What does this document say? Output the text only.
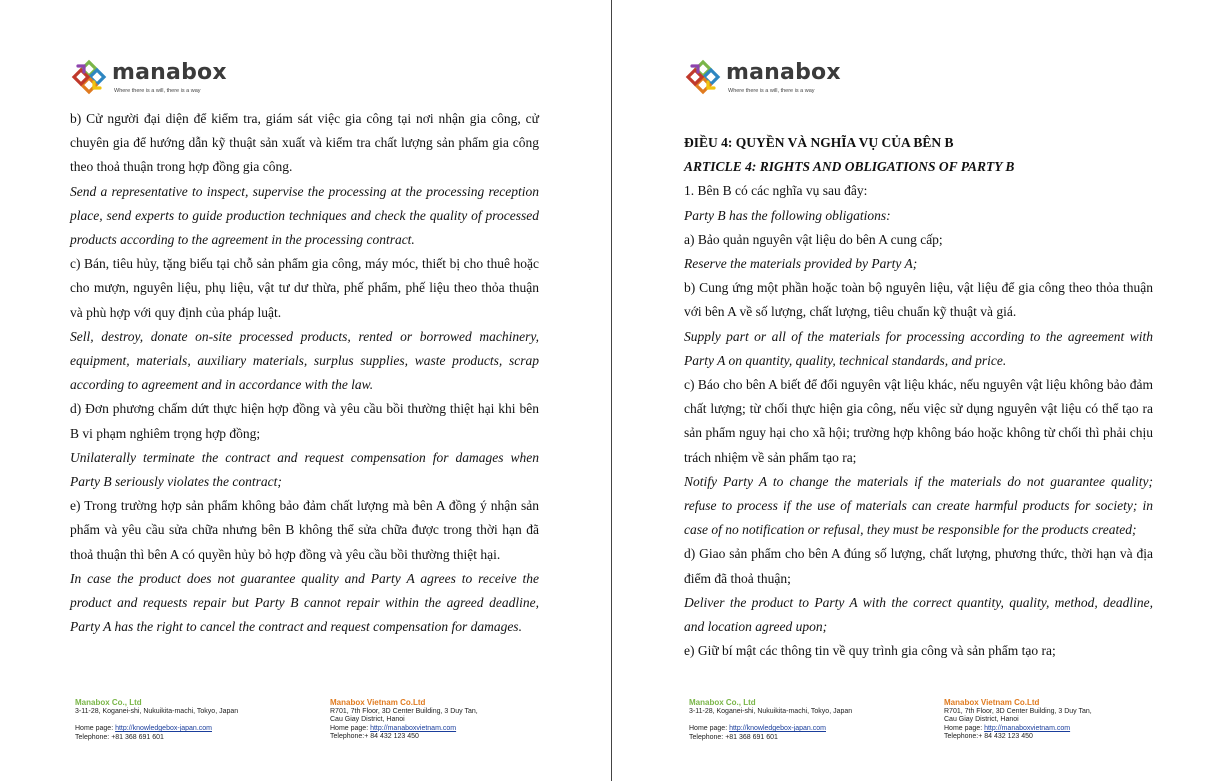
manabox
Where there is a will, there is a way

b) Cử người đại diện để kiểm tra, giám sát việc gia công tại nơi nhận gia công, cử chuyên gia để hướng dẫn kỹ thuật sản xuất và kiểm tra chất lượng sản phẩm gia công theo thoả thuận trong hợp đồng gia công.

Send a representative to inspect, supervise the processing at the processing reception place, send experts to guide production techniques and check the quality of processed products according to the agreement in the processing contract.

c) Bán, tiêu hủy, tặng biếu tại chỗ sản phẩm gia công, máy móc, thiết bị cho thuê hoặc cho mượn, nguyên liệu, phụ liệu, vật tư dư thừa, phế phẩm, phế liệu theo thỏa thuận và phù hợp với quy định của pháp luật.

Sell, destroy, donate on-site processed products, rented or borrowed machinery, equipment, materials, auxiliary materials, surplus supplies, waste products, scrap according to agreement and in accordance with the law.

d) Đơn phương chấm dứt thực hiện hợp đồng và yêu cầu bồi thường thiệt hại khi bên B vi phạm nghiêm trọng hợp đồng;

Unilaterally terminate the contract and request compensation for damages when Party B seriously violates the contract;

e) Trong trường hợp sản phẩm không bảo đảm chất lượng mà bên A đồng ý nhận sản phẩm và yêu cầu sửa chữa nhưng bên B không thể sửa chữa được trong thời hạn đã thoả thuận thì bên A có quyền hủy bỏ hợp đồng và yêu cầu bồi thường thiệt hại.

In case the product does not guarantee quality and Party A agrees to receive the product and requests repair but Party B cannot repair within the agreed deadline, Party A has the right to cancel the contract and request compensation for damages.

Manabox Co., Ltd
3-11-28, Koganei-shi, Nukuikita-machi, Tokyo, Japan
Home page: http://knowledgebox-japan.com
Telephone: +81 368 691 601
Manabox Vietnam Co.Ltd
R701, 7th Floor, 3D Center Building, 3 Duy Tan,
Cau Giay District, Hanoi
Home page: http://manaboxvietnam.com
Telephone:+ 84 432 123 450
manabox
Where there is a will, there is a way

ĐIỀU 4: QUYỀN VÀ NGHĨA VỤ CỦA BÊN B

ARTICLE 4: RIGHTS AND OBLIGATIONS OF PARTY B

1. Bên B có các nghĩa vụ sau đây:

Party B has the following obligations:

a) Bảo quản nguyên vật liệu do bên A cung cấp;

Reserve the materials provided by Party A;

b) Cung ứng một phần hoặc toàn bộ nguyên liệu, vật liệu để gia công theo thỏa thuận với bên A về số lượng, chất lượng, tiêu chuẩn kỹ thuật và giá.

Supply part or all of the materials for processing according to the agreement with Party A on quantity, quality, technical standards, and price.

c) Báo cho bên A biết để đổi nguyên vật liệu khác, nếu nguyên vật liệu không bảo đảm chất lượng; từ chối thực hiện gia công, nếu việc sử dụng nguyên vật liệu có thể tạo ra sản phẩm nguy hại cho xã hội; trường hợp không báo hoặc không từ chối thì phải chịu trách nhiệm về sản phẩm tạo ra;

Notify Party A to change the materials if the materials do not guarantee quality; refuse to process if the use of materials can create harmful products for society; in case of no notification or refusal, they must be responsible for the products created;

d) Giao sản phẩm cho bên A đúng số lượng, chất lượng, phương thức, thời hạn và địa điểm đã thoả thuận;

Deliver the product to Party A with the correct quantity, quality, method, deadline, and location agreed upon;

e) Giữ bí mật các thông tin về quy trình gia công và sản phẩm tạo ra;

Manabox Co., Ltd
3-11-28, Koganei-shi, Nukuikita-machi, Tokyo, Japan
Home page: http://knowledgebox-japan.com
Telephone: +81 368 691 601
Manabox Vietnam Co.Ltd
R701, 7th Floor, 3D Center Building, 3 Duy Tan,
Cau Giay District, Hanoi
Home page: http://manaboxvietnam.com
Telephone:+ 84 432 123 450
